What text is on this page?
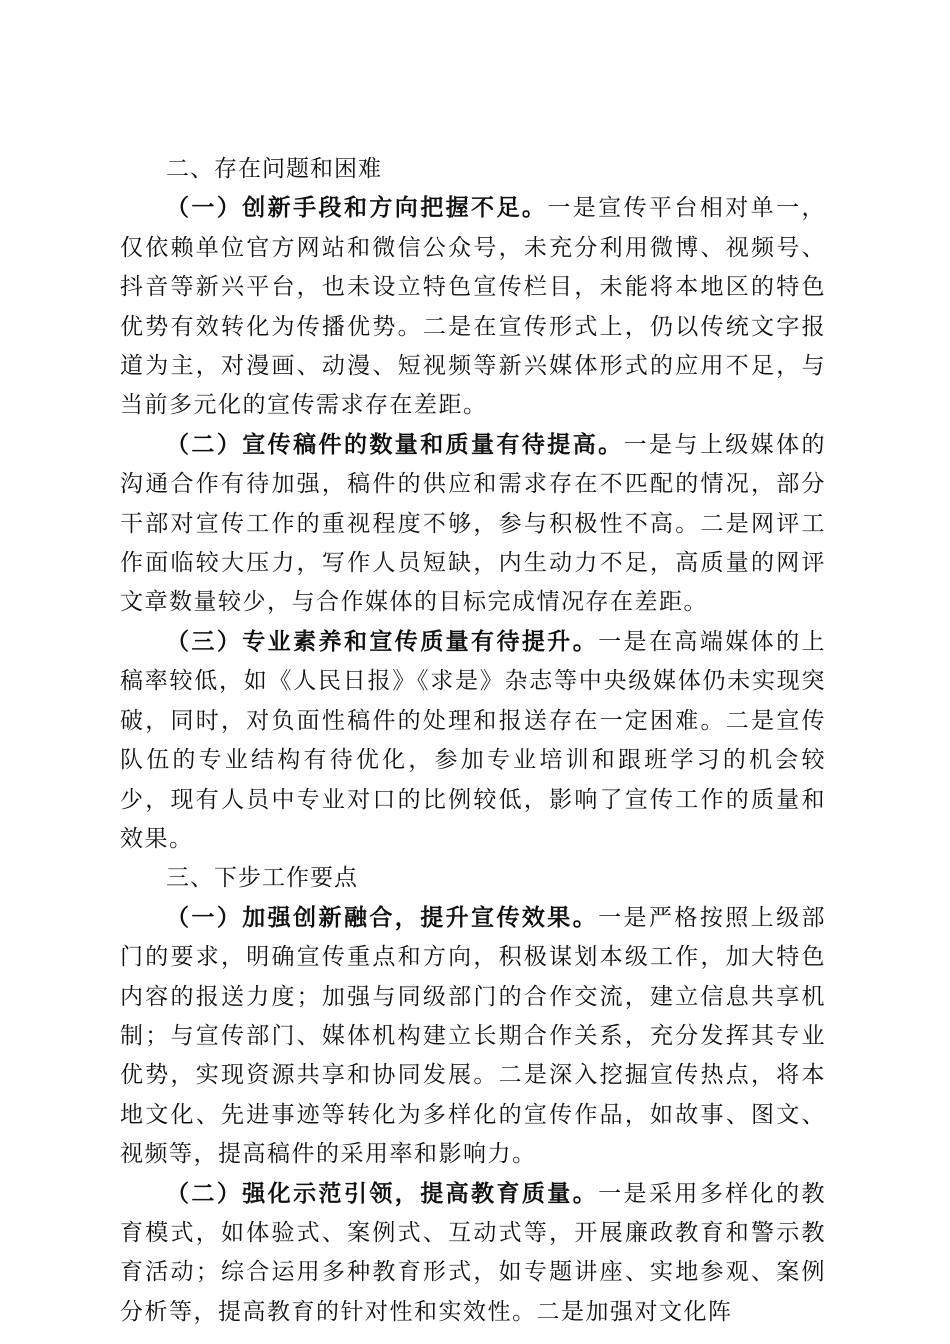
二、存在问题和困难

（一）创新手段和方向把握不足。一是宣传平台相对单一，仅依赖单位官方网站和微信公众号，未充分利用微博、视频号、抖音等新兴平台，也未设立特色宣传栏目，未能将本地区的特色优势有效转化为传播优势。二是在宣传形式上，仍以传统文字报道为主，对漫画、动漫、短视频等新兴媒体形式的应用不足，与当前多元化的宣传需求存在差距。

（二）宣传稿件的数量和质量有待提高。一是与上级媒体的沟通合作有待加强，稿件的供应和需求存在不匹配的情况，部分干部对宣传工作的重视程度不够，参与积极性不高。二是网评工作面临较大压力，写作人员短缺，内生动力不足，高质量的网评文章数量较少，与合作媒体的目标完成情况存在差距。

（三）专业素养和宣传质量有待提升。一是在高端媒体的上稿率较低，如《人民日报》《求是》杂志等中央级媒体仍未实现突破，同时，对负面性稿件的处理和报送存在一定困难。二是宣传队伍的专业结构有待优化，参加专业培训和跟班学习的机会较少，现有人员中专业对口的比例较低，影响了宣传工作的质量和效果。

三、下步工作要点

（一）加强创新融合，提升宣传效果。一是严格按照上级部门的要求，明确宣传重点和方向，积极谋划本级工作，加大特色内容的报送力度；加强与同级部门的合作交流，建立信息共享机制；与宣传部门、媒体机构建立长期合作关系，充分发挥其专业优势，实现资源共享和协同发展。二是深入挖掘宣传热点，将本地文化、先进事迹等转化为多样化的宣传作品，如故事、图文、视频等，提高稿件的采用率和影响力。

（二）强化示范引领，提高教育质量。一是采用多样化的教育模式，如体验式、案例式、互动式等，开展廉政教育和警示教育活动；综合运用多种教育形式，如专题讲座、实地参观、案例分析等，提高教育的针对性和实效性。二是加强对文化阵
